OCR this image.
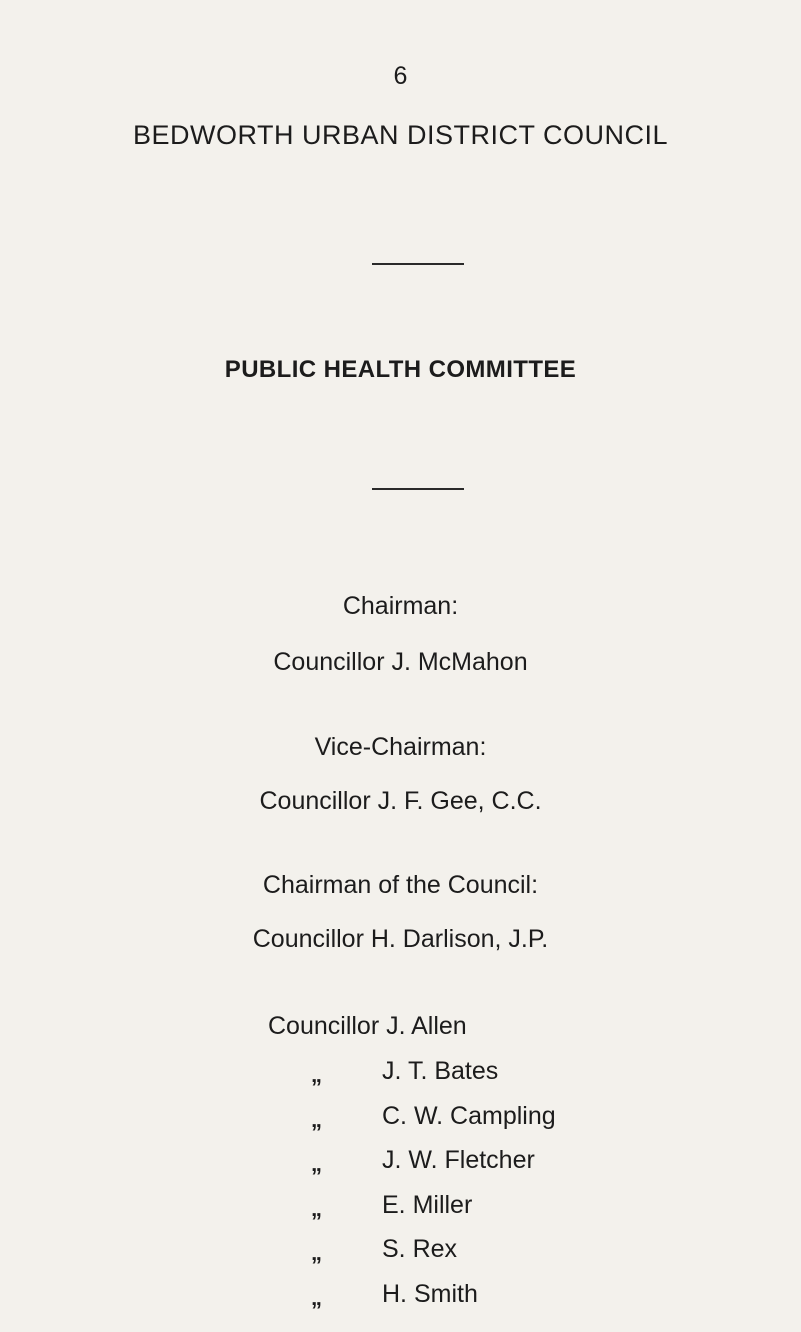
6
BEDWORTH URBAN DISTRICT COUNCIL
PUBLIC HEALTH COMMITTEE
Chairman:
Councillor J. McMahon
Vice-Chairman:
Councillor J. F. Gee, C.C.
Chairman of the Council:
Councillor H. Darlison, J.P.
Councillor J. Allen
„ J. T. Bates
„ C. W. Campling
„ J. W. Fletcher
„ E. Miller
„ S. Rex
„ H. Smith
